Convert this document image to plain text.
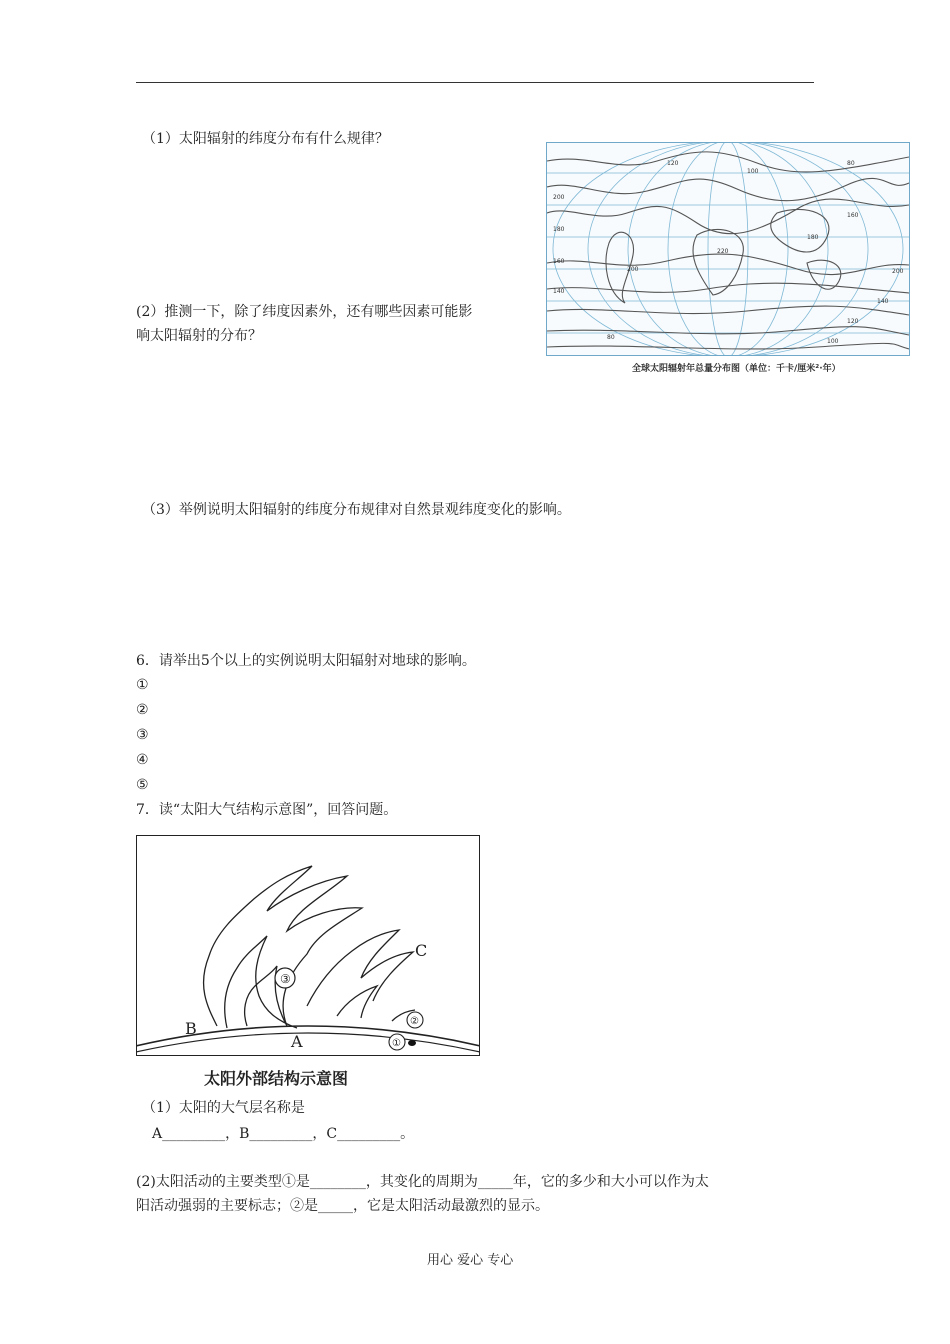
（1）太阳辐射的纬度分布有什么规律？
(2）推测一下，除了纬度因素外，还有哪些因素可能影
响太阳辐射的分布？
（3）举例说明太阳辐射的纬度分布规律对自然景观纬度变化的影响。
200
180
160
140
120
100
80
220
200
180
160
140
120
100
80
200
全球太阳辐射年总量分布图（单位：千卡/厘米²·年）
6．请举出5个以上的实例说明太阳辐射对地球的影响。
①
②
③
④
⑤
7．读“太阳大气结构示意图”，回答问题。
③
②
①
A
B
C
太阳外部结构示意图
（1）太阳的大气层名称是
A_________，B_________，C_________。
(2)太阳活动的主要类型①是________，其变化的周期为_____年，它的多少和大小可以作为太
阳活动强弱的主要标志；②是_____，它是太阳活动最激烈的显示。
用心 爱心 专心
